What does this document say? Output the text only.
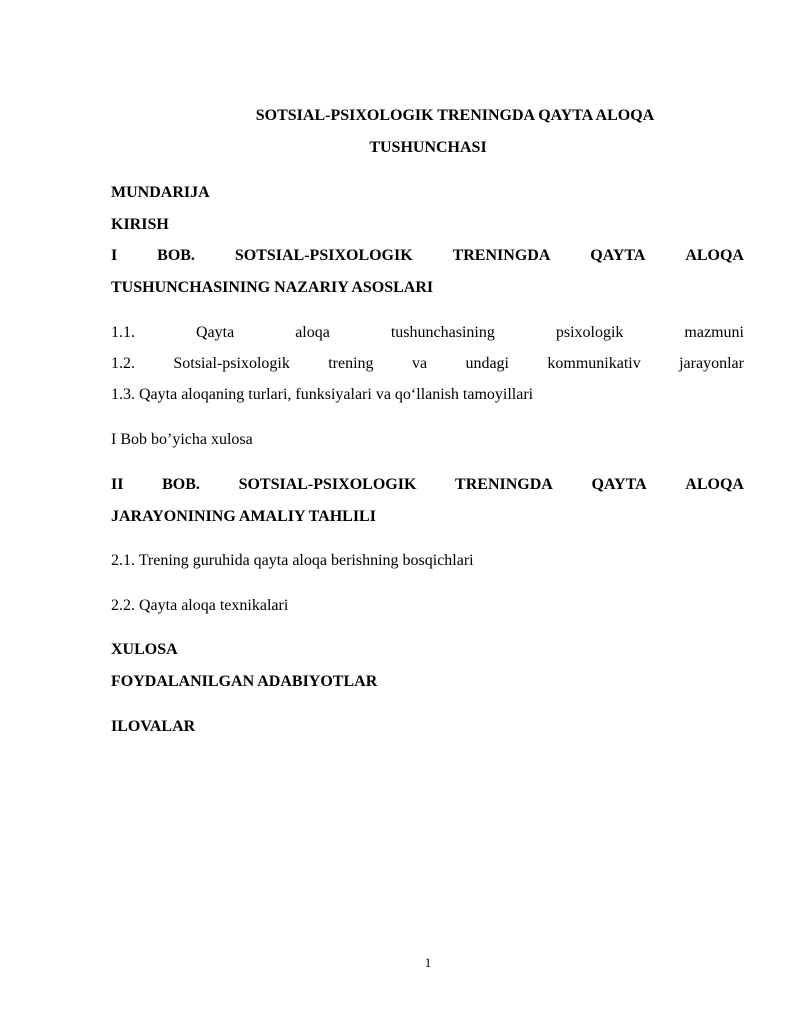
SOTSIAL-PSIXOLOGIK TRENINGDA QAYTA ALOQA
TUSHUNCHASI
MUNDARIJA
KIRISH
I BOB. SOTSIAL-PSIXOLOGIK TRENINGDA QAYTA ALOQA
TUSHUNCHASINING NAZARIY ASOSLARI
1.1.	Qayta	aloqa	tushunchasining	psixologik	mazmuni
1.2. Sotsial-psixologik trening va undagi kommunikativ jarayonlar
1.3. Qayta aloqaning turlari, funksiyalari va qo‘llanish tamoyillari
I Bob bo’yicha xulosa
II BOB. SOTSIAL-PSIXOLOGIK TRENINGDA QAYTA ALOQA
JARAYONINING AMALIY TAHLILI
2.1. Trening guruhida qayta aloqa berishning bosqichlari
2.2. Qayta aloqa texnikalari
XULOSA
FOYDALANILGAN ADABIYOTLAR
ILOVALAR
1
